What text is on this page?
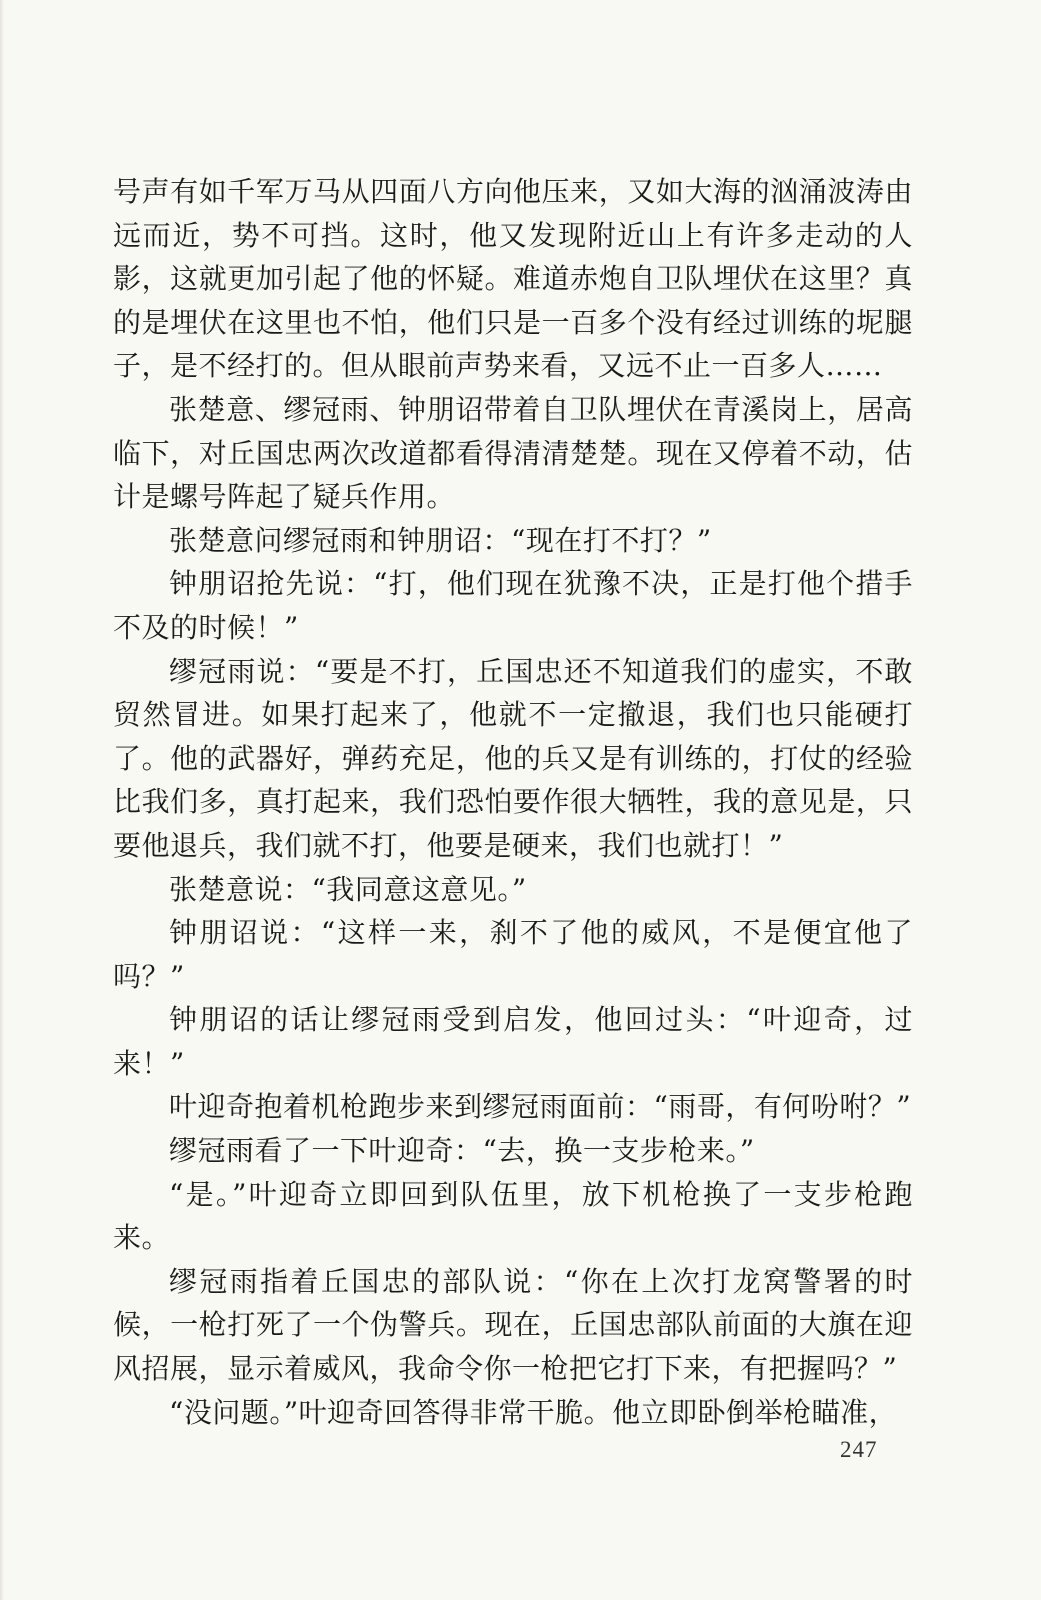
号声有如千军万马从四面八方向他压来，又如大海的汹涌波涛由远而近，势不可挡。这时，他又发现附近山上有许多走动的人影，这就更加引起了他的怀疑。难道赤炮自卫队埋伏在这里？真的是埋伏在这里也不怕，他们只是一百多个没有经过训练的坭腿子，是不经打的。但从眼前声势来看，又远不止一百多人……

张楚意、缪冠雨、钟朋诏带着自卫队埋伏在青溪岗上，居高临下，对丘国忠两次改道都看得清清楚楚。现在又停着不动，估计是螺号阵起了疑兵作用。

张楚意问缪冠雨和钟朋诏：“现在打不打？”

钟朋诏抢先说：“打，他们现在犹豫不决，正是打他个措手不及的时候！”

缪冠雨说：“要是不打，丘国忠还不知道我们的虚实，不敢贸然冒进。如果打起来了，他就不一定撤退，我们也只能硬打了。他的武器好，弹药充足，他的兵又是有训练的，打仗的经验比我们多，真打起来，我们恐怕要作很大牺牲，我的意见是，只要他退兵，我们就不打，他要是硬来，我们也就打！”

张楚意说：“我同意这意见。”

钟朋诏说：“这样一来，刹不了他的威风，不是便宜他了吗？”

钟朋诏的话让缪冠雨受到启发，他回过头：“叶迎奇，过来！”

叶迎奇抱着机枪跑步来到缪冠雨面前：“雨哥，有何吩咐？”

缪冠雨看了一下叶迎奇：“去，换一支步枪来。”

“是。”叶迎奇立即回到队伍里，放下机枪换了一支步枪跑来。

缪冠雨指着丘国忠的部队说：“你在上次打龙窝警署的时候，一枪打死了一个伪警兵。现在，丘国忠部队前面的大旗在迎风招展，显示着威风，我命令你一枪把它打下来，有把握吗？”

“没问题。”叶迎奇回答得非常干脆。他立即卧倒举枪瞄准，

247
